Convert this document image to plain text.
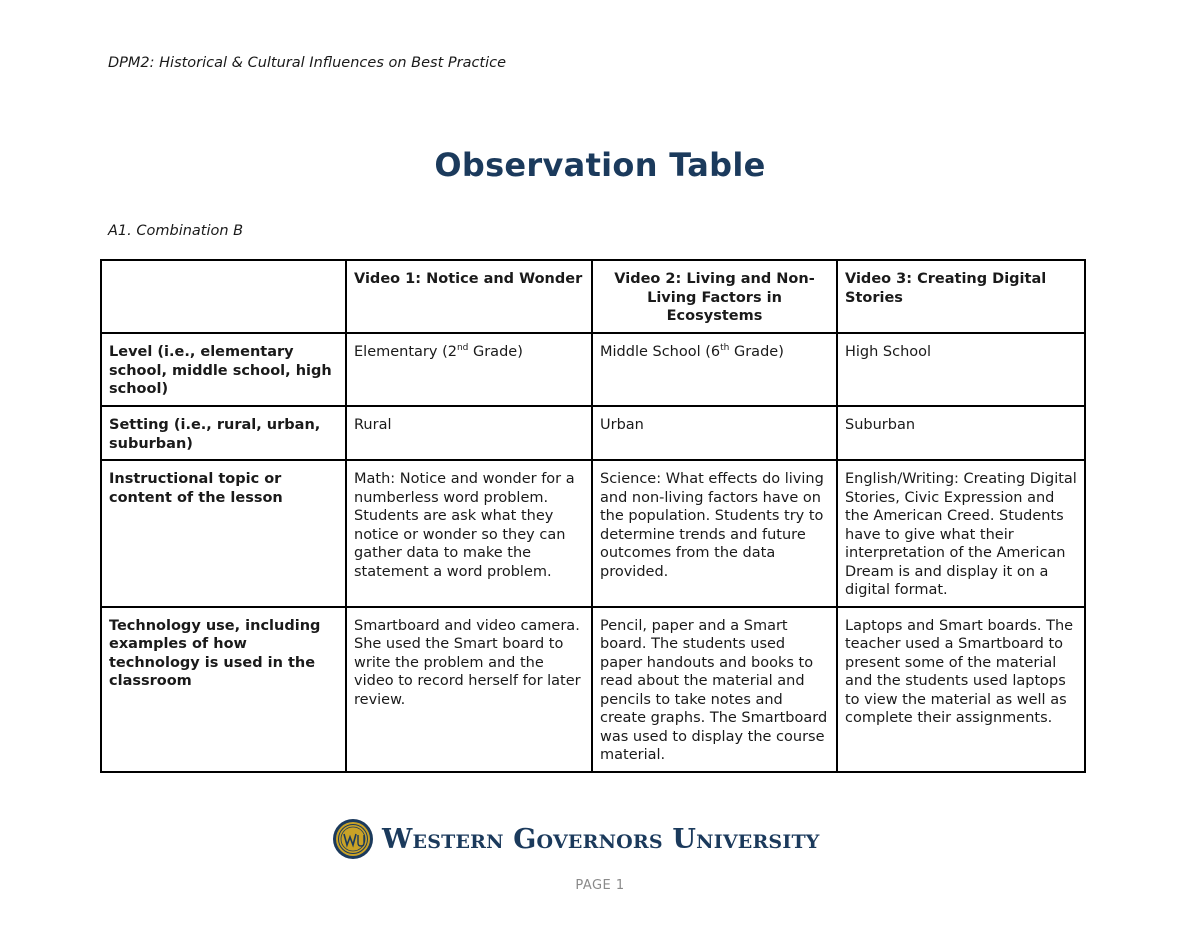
DPM2: Historical & Cultural Influences on Best Practice
Observation Table
A1. Combination B
	Video 1: Notice and Wonder	Video 2: Living and Non-Living Factors in Ecosystems	Video 3: Creating Digital Stories
Level (i.e., elementary school, middle school, high school)	Elementary (2nd Grade)	Middle School (6th Grade)	High School
Setting (i.e., rural, urban, suburban)	Rural	Urban	Suburban
Instructional topic or content of the lesson	Math: Notice and wonder for a numberless word problem. Students are ask what they notice or wonder so they can gather data to make the statement a word problem.	Science: What effects do living and non-living factors have on the population. Students try to determine trends and future outcomes from the data provided.	English/Writing: Creating Digital Stories, Civic Expression and the American Creed. Students have to give what their interpretation of the American Dream is and display it on a digital format.
Technology use, including examples of how technology is used in the classroom	Smartboard and video camera. She used the Smart board to write the problem and the video to record herself for later review.	Pencil, paper and a Smart board. The students used paper handouts and books to read about the material and pencils to take notes and create graphs. The Smartboard was used to display the course material.	Laptops and Smart boards. The teacher used a Smartboard to present some of the material and the students used laptops to view the material as well as complete their assignments.
Western Governors University
PAGE 1
